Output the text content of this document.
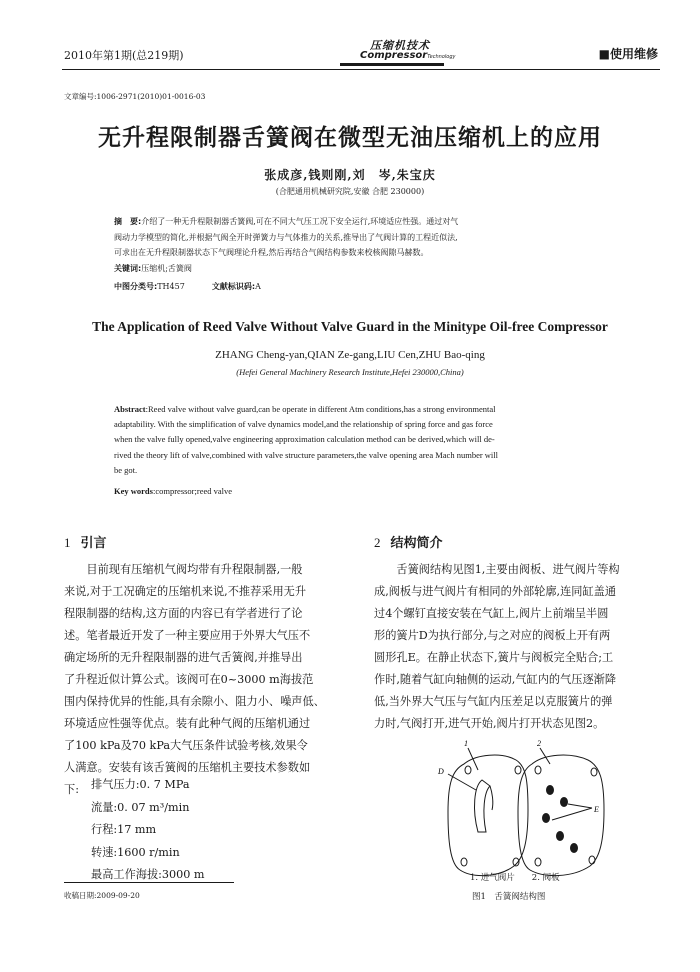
2010年第1期(总219期)
压缩机技术
CompressorTechnology	■使用维修
文章编号:1006-2971(2010)01-0016-03
无升程限制器舌簧阀在微型无油压缩机上的应用
张成彦,钱则刚,刘　岑,朱宝庆
(合肥通用机械研究院,安徽 合肥 230000)
摘　要:介绍了一种无升程限制器舌簧阀,可在不同大气压工况下安全运行,环境适应性强。通过对气
阀动力学模型的简化,并根据气阀全开时弹簧力与气体推力的关系,推导出了气阀计算的工程近似法,
可求出在无升程限制器状态下气阀理论升程,然后再结合气阀结构参数来校核阀隙马赫数。
关键词:压缩机;舌簧阀
中图分类号:TH457	文献标识码:A
The Application of Reed Valve Without Valve Guard in the Minitype Oil-free Compressor
ZHANG Cheng-yan,QIAN Ze-gang,LIU Cen,ZHU Bao-qing
(Hefei General Machinery Research Institute,Hefei 230000,China)
Abstract:Reed valve without valve guard,can be operate in different Atm conditions,has a strong environmental
adaptability. With the simplification of valve dynamics model,and the relationship of spring force and gas force
when the valve fully opened,valve engineering approximation calculation method can be derived,which will de-
rived the theory lift of valve,combined with valve structure parameters,the valve opening area Mach number will
be got.
Key words:compressor;reed valve
1 引言
　　目前现有压缩机气阀均带有升程限制器,一般
来说,对于工况确定的压缩机来说,不推荐采用无升
程限制器的结构,这方面的内容已有学者进行了论
述。笔者最近开发了一种主要应用于外界大气压不
确定场所的无升程限制器的进气舌簧阀,并推导出
了升程近似计算公式。该阀可在0~3000 m海拔范
围内保持优异的性能,具有余隙小、阻力小、噪声低、
环境适应性强等优点。装有此种气阀的压缩机通过
了100 kPa及70 kPa大气压条件试验考核,效果令
人满意。安装有该舌簧阀的压缩机主要技术参数如
下:	排气压力:0. 7 MPa
流量:0. 07 m³/min
行程:17 mm
转速:1600 r/min
最高工作海拔:3000 m
2 结构简介
　　舌簧阀结构见图1,主要由阀板、进气阀片等构
成,阀板与进气阀片有相同的外部轮廓,连同缸盖通
过4个螺钉直接安装在气缸上,阀片上前端呈半圆
形的簧片D为执行部分,与之对应的阀板上开有两
圆形孔E。在静止状态下,簧片与阀板完全贴合;工
作时,随着气缸向轴侧的运动,气缸内的气压逐渐降
低,当外界大气压与气缸内压差足以克服簧片的弹
力时,气阀打开,进气开始,阀片打开状态见图2。
1	2
D
E
1. 进气阀片　　2. 阀板
图1　舌簧阀结构图
收稿日期:2009-09-20
